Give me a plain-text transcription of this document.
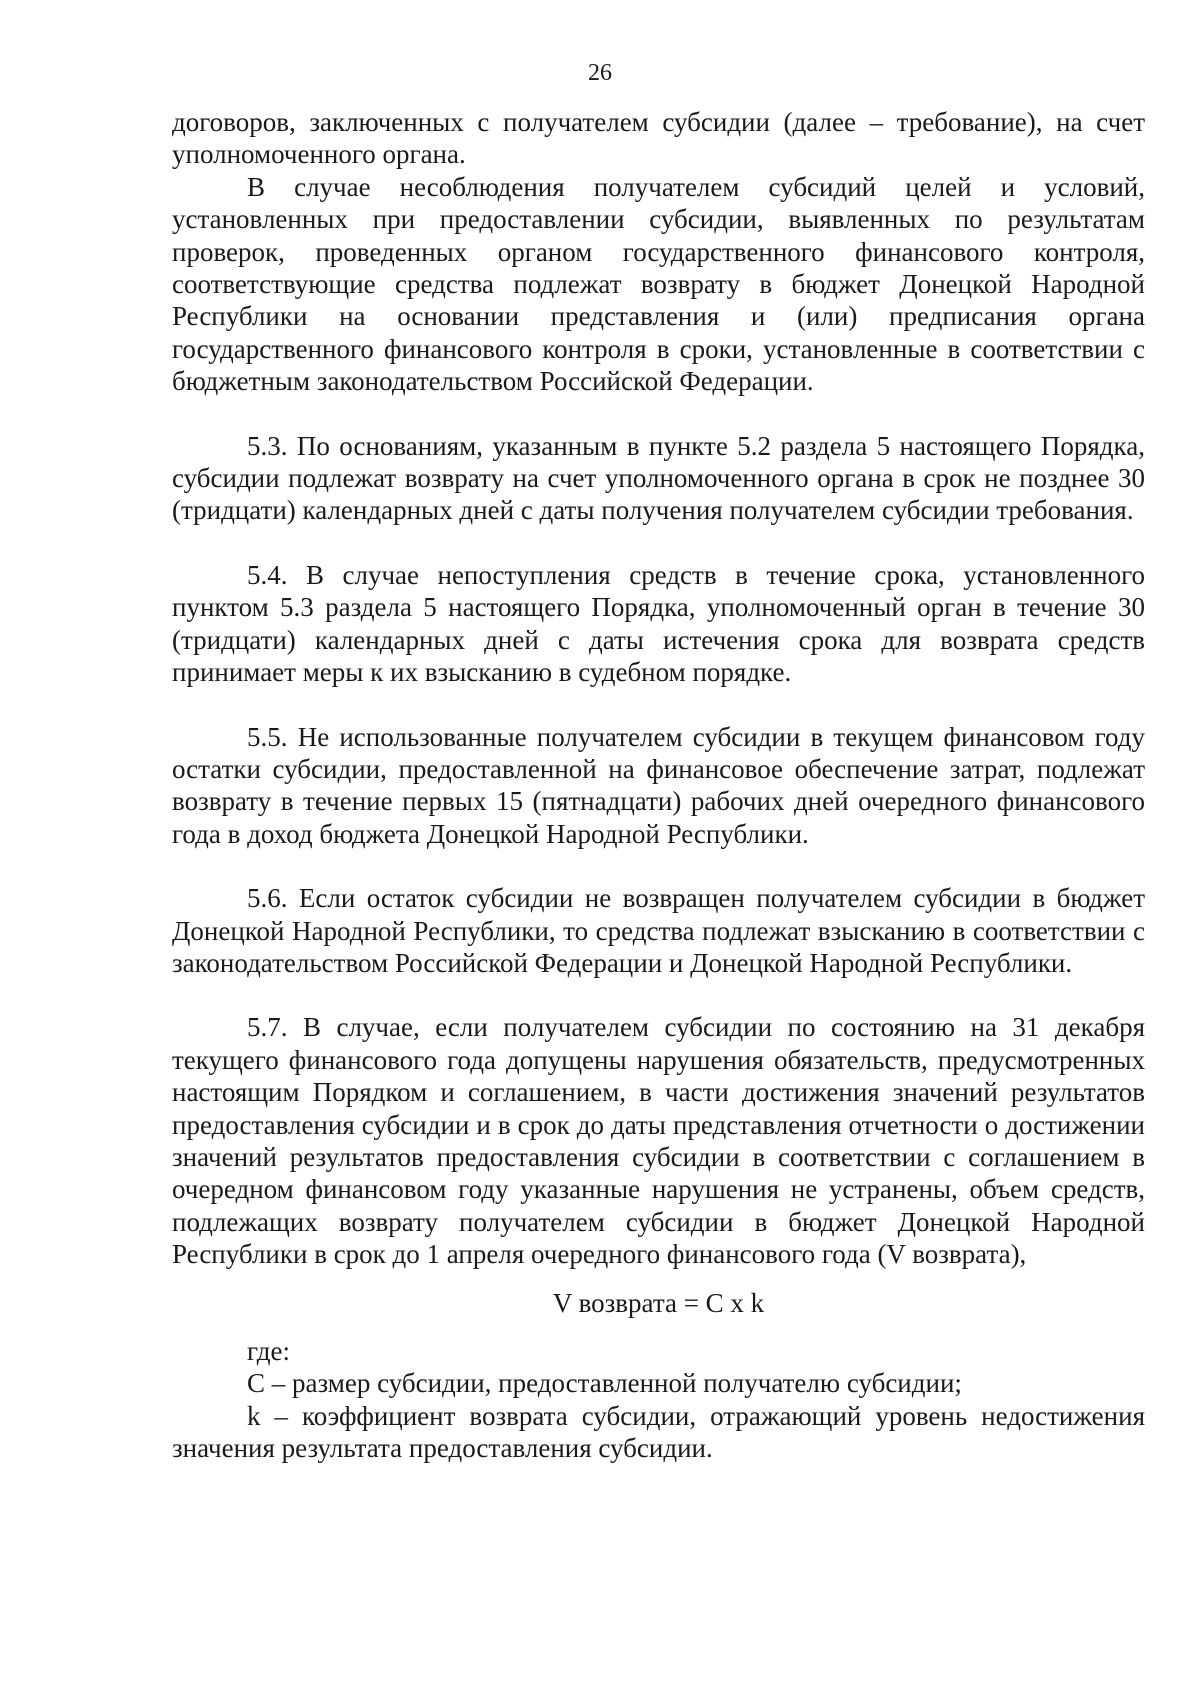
26

договоров, заключенных с получателем субсидии (далее – требование), на счет уполномоченного органа.

В случае несоблюдения получателем субсидий целей и условий, установленных при предоставлении субсидии, выявленных по результатам проверок, проведенных органом государственного финансового контроля, соответствующие средства подлежат возврату в бюджет Донецкой Народной Республики на основании представления и (или) предписания органа государственного финансового контроля в сроки, установленные в соответствии с бюджетным законодательством Российской Федерации.

5.3. По основаниям, указанным в пункте 5.2 раздела 5 настоящего Порядка, субсидии подлежат возврату на счет уполномоченного органа в срок не позднее 30 (тридцати) календарных дней с даты получения получателем субсидии требования.

5.4. В случае непоступления средств в течение срока, установленного пунктом 5.3 раздела 5 настоящего Порядка, уполномоченный орган в течение 30 (тридцати) календарных дней с даты истечения срока для возврата средств принимает меры к их взысканию в судебном порядке.

5.5. Не использованные получателем субсидии в текущем финансовом году остатки субсидии, предоставленной на финансовое обеспечение затрат, подлежат возврату в течение первых 15 (пятнадцати) рабочих дней очередного финансового года в доход бюджета Донецкой Народной Республики.

5.6. Если остаток субсидии не возвращен получателем субсидии в бюджет Донецкой Народной Республики, то средства подлежат взысканию в соответствии с законодательством Российской Федерации и Донецкой Народной Республики.

5.7. В случае, если получателем субсидии по состоянию на 31 декабря текущего финансового года допущены нарушения обязательств, предусмотренных настоящим Порядком и соглашением, в части достижения значений результатов предоставления субсидии и в срок до даты представления отчетности о достижении значений результатов предоставления субсидии в соответствии с соглашением в очередном финансовом году указанные нарушения не устранены, объем средств, подлежащих возврату получателем субсидии в бюджет Донецкой Народной Республики в срок до 1 апреля очередного финансового года (V возврата),

V возврата = C x k

где:

C – размер субсидии, предоставленной получателю субсидии;

k – коэффициент возврата субсидии, отражающий уровень недостижения значения результата предоставления субсидии.
